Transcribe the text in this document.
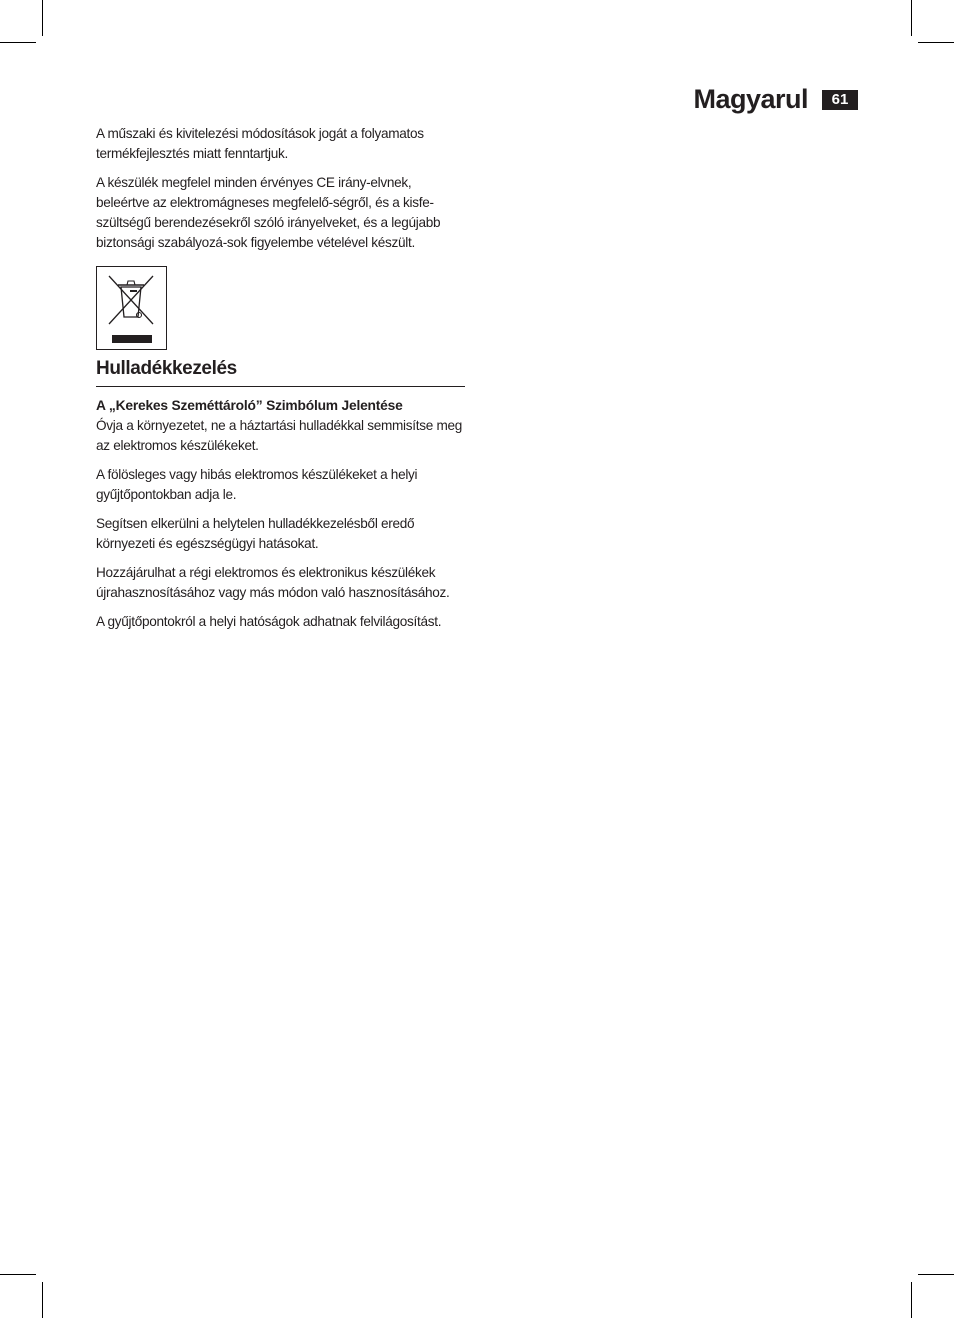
Magyarul	61

A műszaki és kivitelezési módosítások jogát a folyamatos termékfejlesztés miatt fenntartjuk.

A készülék megfelel minden érvényes CE irány-elvnek, beleértve az elektromágneses megfelelő-ségről, és a kisfe-szültségű berendezésekről szóló irányelveket, és a legújabb biztonsági szabályozá-sok figyelembe vételével készült.

Hulladékkezelés
A „Kerekes Szeméttároló” Szimbólum Jelentése

Óvja a környezetet, ne a háztartási hulladékkal semmisítse meg az elektromos készülékeket.

A fölösleges vagy hibás elektromos készülékeket a helyi gyűjtőpontokban adja le.

Segítsen elkerülni a helytelen hulladékkezelésből eredő környezeti és egészségügyi hatásokat.

Hozzájárulhat a régi elektromos és elektronikus készülékek újrahasznosításához vagy más módon való hasznosításához.

A gyűjtőpontokról a helyi hatóságok adhatnak felvilágosítást.
